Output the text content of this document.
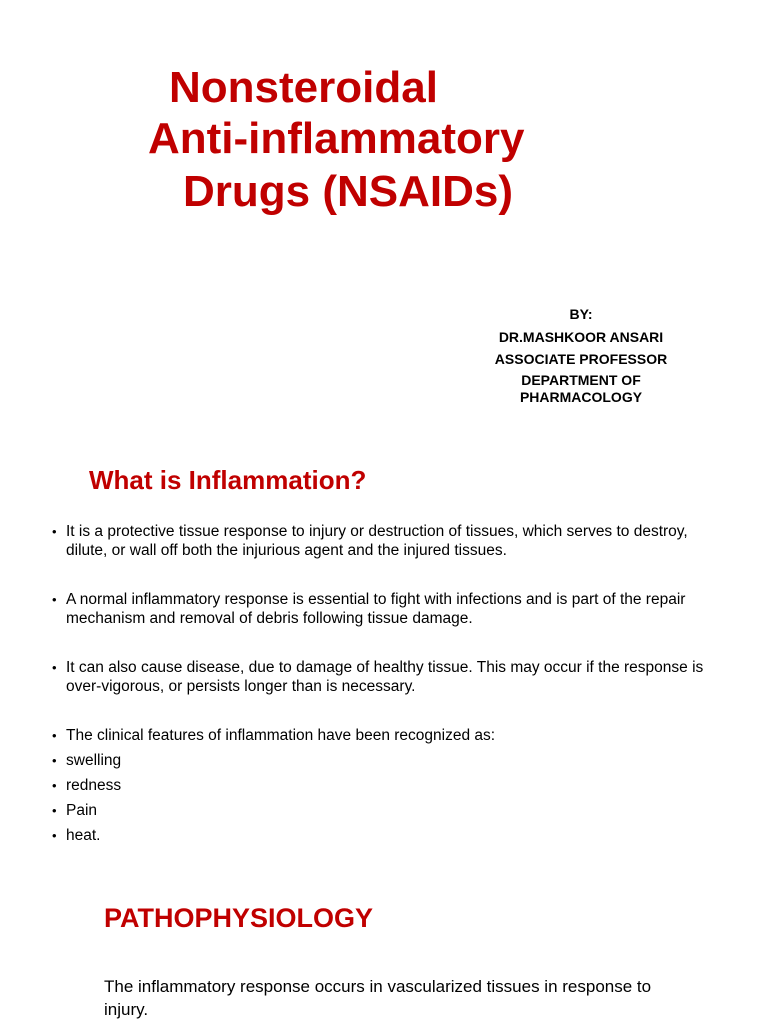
Nonsteroidal
Anti-inflammatory
Drugs (NSAIDs)
BY:
DR.MASHKOOR ANSARI
ASSOCIATE PROFESSOR
DEPARTMENT OF
PHARMACOLOGY
What is Inflammation?
• It is a protective tissue response to injury or destruction of tissues, which serves to destroy, dilute, or wall off both the injurious agent and the injured tissues.
• A normal inflammatory response is essential to fight with infections and is part of the repair mechanism and removal of debris following tissue damage.
• It can also cause disease, due to damage of healthy tissue. This may occur if the response is over-vigorous, or persists longer than is necessary.
• The clinical features of inflammation have been recognized as:
• swelling
• redness
• Pain
• heat.
PATHOPHYSIOLOGY

The inflammatory response occurs in vascularized tissues in response to injury.
